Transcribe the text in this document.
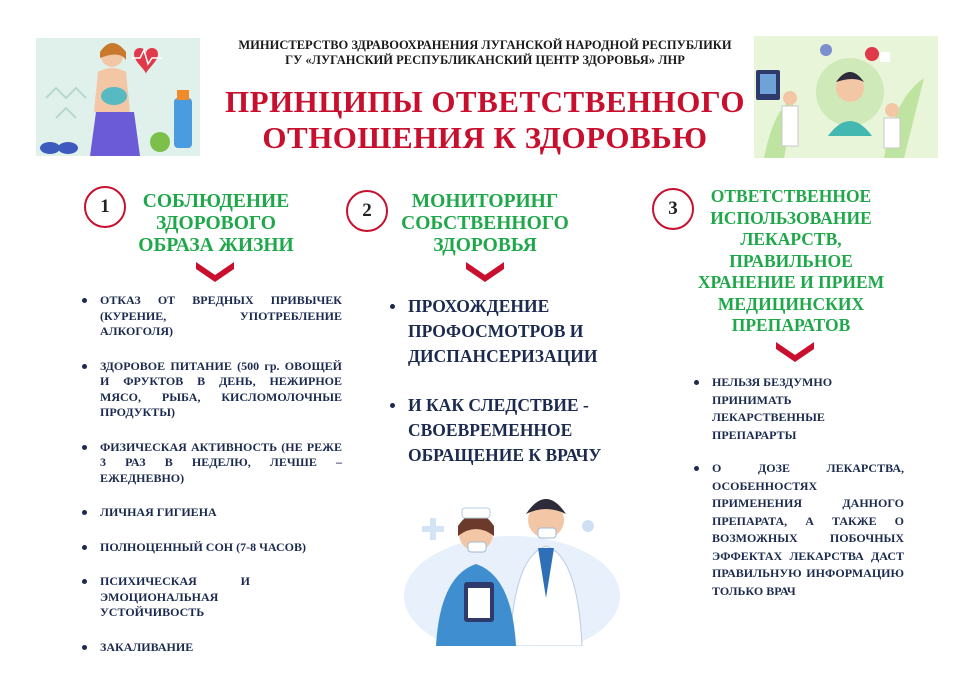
МИНИСТЕРСТВО ЗДРАВООХРАНЕНИЯ ЛУГАНСКОЙ НАРОДНОЙ РЕСПУБЛИКИ
ГУ «ЛУГАНСКИЙ РЕСПУБЛИКАНСКИЙ ЦЕНТР ЗДОРОВЬЯ» ЛНР
ПРИНЦИПЫ ОТВЕТСТВЕННОГО
ОТНОШЕНИЯ К ЗДОРОВЬЮ
1	СОБЛЮДЕНИЕ
ЗДОРОВОГО
ОБРАЗА ЖИЗНИ
ОТКАЗ ОТ ВРЕДНЫХ ПРИВЫЧЕК (КУРЕНИЕ, УПОТРЕБЛЕНИЕ АЛКОГОЛЯ)
ЗДОРОВОЕ ПИТАНИЕ (500 гр. ОВОЩЕЙ И ФРУКТОВ В ДЕНЬ, НЕЖИРНОЕ МЯСО, РЫБА, КИСЛОМОЛОЧНЫЕ ПРОДУКТЫ)
ФИЗИЧЕСКАЯ АКТИВНОСТЬ (НЕ РЕЖЕ 3 РАЗ В НЕДЕЛЮ, ЛЕЧШЕ – ЕЖЕДНЕВНО)
ЛИЧНАЯ ГИГИЕНА
ПОЛНОЦЕННЫЙ СОН (7-8 ЧАСОВ)
ПСИХИЧЕСКАЯ И ЭМОЦИОНАЛЬНАЯ УСТОЙЧИВОСТЬ
ЗАКАЛИВАНИЕ
2	МОНИТОРИНГ
СОБСТВЕННОГО
ЗДОРОВЬЯ
ПРОХОЖДЕНИЕ ПРОФОСМОТРОВ И ДИСПАНСЕРИЗАЦИИ
И КАК СЛЕДСТВИЕ - СВОЕВРЕМЕННОЕ ОБРАЩЕНИЕ К ВРАЧУ
3
ОТВЕТСТВЕННОЕ
ИСПОЛЬЗОВАНИЕ
ЛЕКАРСТВ,
ПРАВИЛЬНОЕ
ХРАНЕНИЕ И ПРИЕМ
МЕДИЦИНСКИХ
ПРЕПАРАТОВ
НЕЛЬЗЯ БЕЗДУМНО ПРИНИМАТЬ ЛЕКАРСТВЕННЫЕ ПРЕПАРАРТЫ
О ДОЗЕ ЛЕКАРСТВА, ОСОБЕННОСТЯХ ПРИМЕНЕНИЯ ДАННОГО ПРЕПАРАТА, А ТАКЖЕ О ВОЗМОЖНЫХ ПОБОЧНЫХ ЭФФЕКТАХ ЛЕКАРСТВА ДАСТ ПРАВИЛЬНУЮ ИНФОРМАЦИЮ ТОЛЬКО ВРАЧ
